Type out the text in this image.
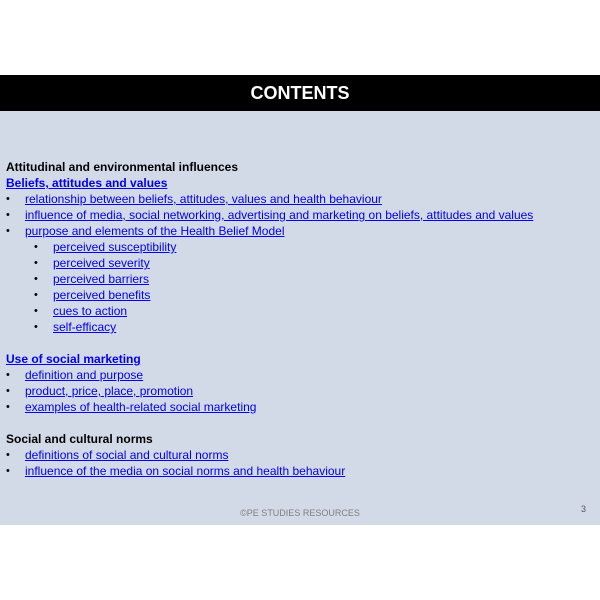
CONTENTS
Attitudinal and environmental influences
Beliefs, attitudes and values
•	relationship between beliefs, attitudes, values and health behaviour
•	influence of media, social networking, advertising and marketing on beliefs, attitudes and values
•	purpose and elements of the Health Belief Model
•	perceived susceptibility
•	perceived severity
•	perceived barriers
•	perceived benefits
•	cues to action
•	self-efficacy
Use of social marketing
•	definition and purpose
•	product, price, place, promotion
•	examples of health-related social marketing
Social and cultural norms
•	definitions of social and cultural norms
•	influence of the media on social norms and health behaviour
©PE STUDIES RESOURCES	3
